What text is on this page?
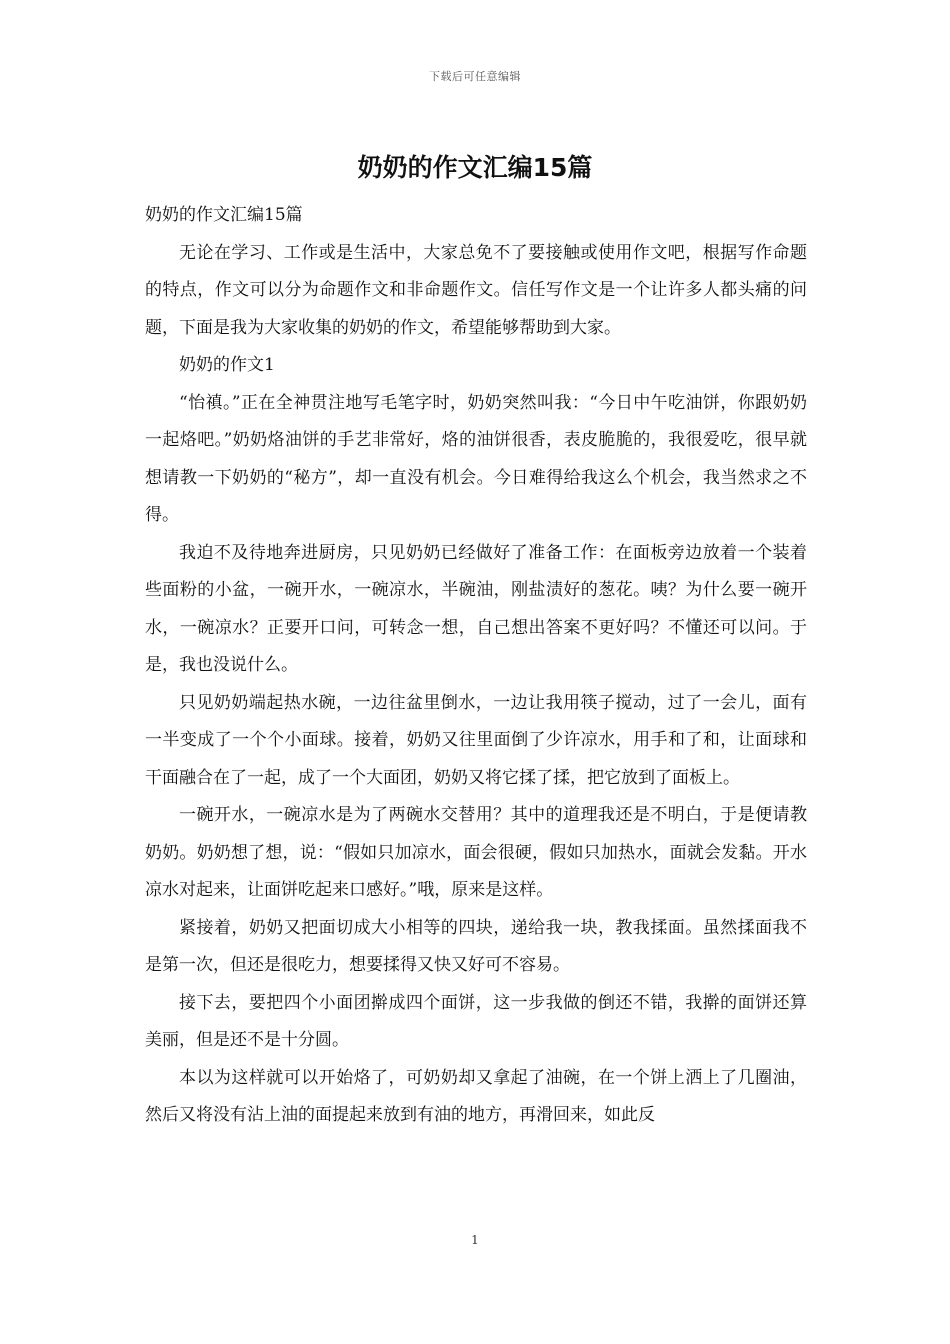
下载后可任意编辑
奶奶的作文汇编15篇

奶奶的作文汇编15篇

无论在学习、工作或是生活中，大家总免不了要接触或使用作文吧，根据写作命题的特点，作文可以分为命题作文和非命题作文。信任写作文是一个让许多人都头痛的问题，下面是我为大家收集的奶奶的作文，希望能够帮助到大家。

奶奶的作文1

“怡禛。”正在全神贯注地写毛笔字时，奶奶突然叫我：“今日中午吃油饼，你跟奶奶一起烙吧。”奶奶烙油饼的手艺非常好，烙的油饼很香，表皮脆脆的，我很爱吃，很早就想请教一下奶奶的“秘方”，却一直没有机会。今日难得给我这么个机会，我当然求之不得。

我迫不及待地奔进厨房，只见奶奶已经做好了准备工作：在面板旁边放着一个装着些面粉的小盆，一碗开水，一碗凉水，半碗油，刚盐渍好的葱花。咦？为什么要一碗开水，一碗凉水？正要开口问，可转念一想，自己想出答案不更好吗？不懂还可以问。于是，我也没说什么。

只见奶奶端起热水碗，一边往盆里倒水，一边让我用筷子搅动，过了一会儿，面有一半变成了一个个小面球。接着，奶奶又往里面倒了少许凉水，用手和了和，让面球和干面融合在了一起，成了一个大面团，奶奶又将它揉了揉，把它放到了面板上。

一碗开水，一碗凉水是为了两碗水交替用？其中的道理我还是不明白，于是便请教奶奶。奶奶想了想，说：“假如只加凉水，面会很硬，假如只加热水，面就会发黏。开水凉水对起来，让面饼吃起来口感好。”哦，原来是这样。

紧接着，奶奶又把面切成大小相等的四块，递给我一块，教我揉面。虽然揉面我不是第一次，但还是很吃力，想要揉得又快又好可不容易。

接下去，要把四个小面团擀成四个面饼，这一步我做的倒还不错，我擀的面饼还算美丽，但是还不是十分圆。

本以为这样就可以开始烙了，可奶奶却又拿起了油碗，在一个饼上洒上了几圈油，然后又将没有沾上油的面提起来放到有油的地方，再滑回来，如此反

1
